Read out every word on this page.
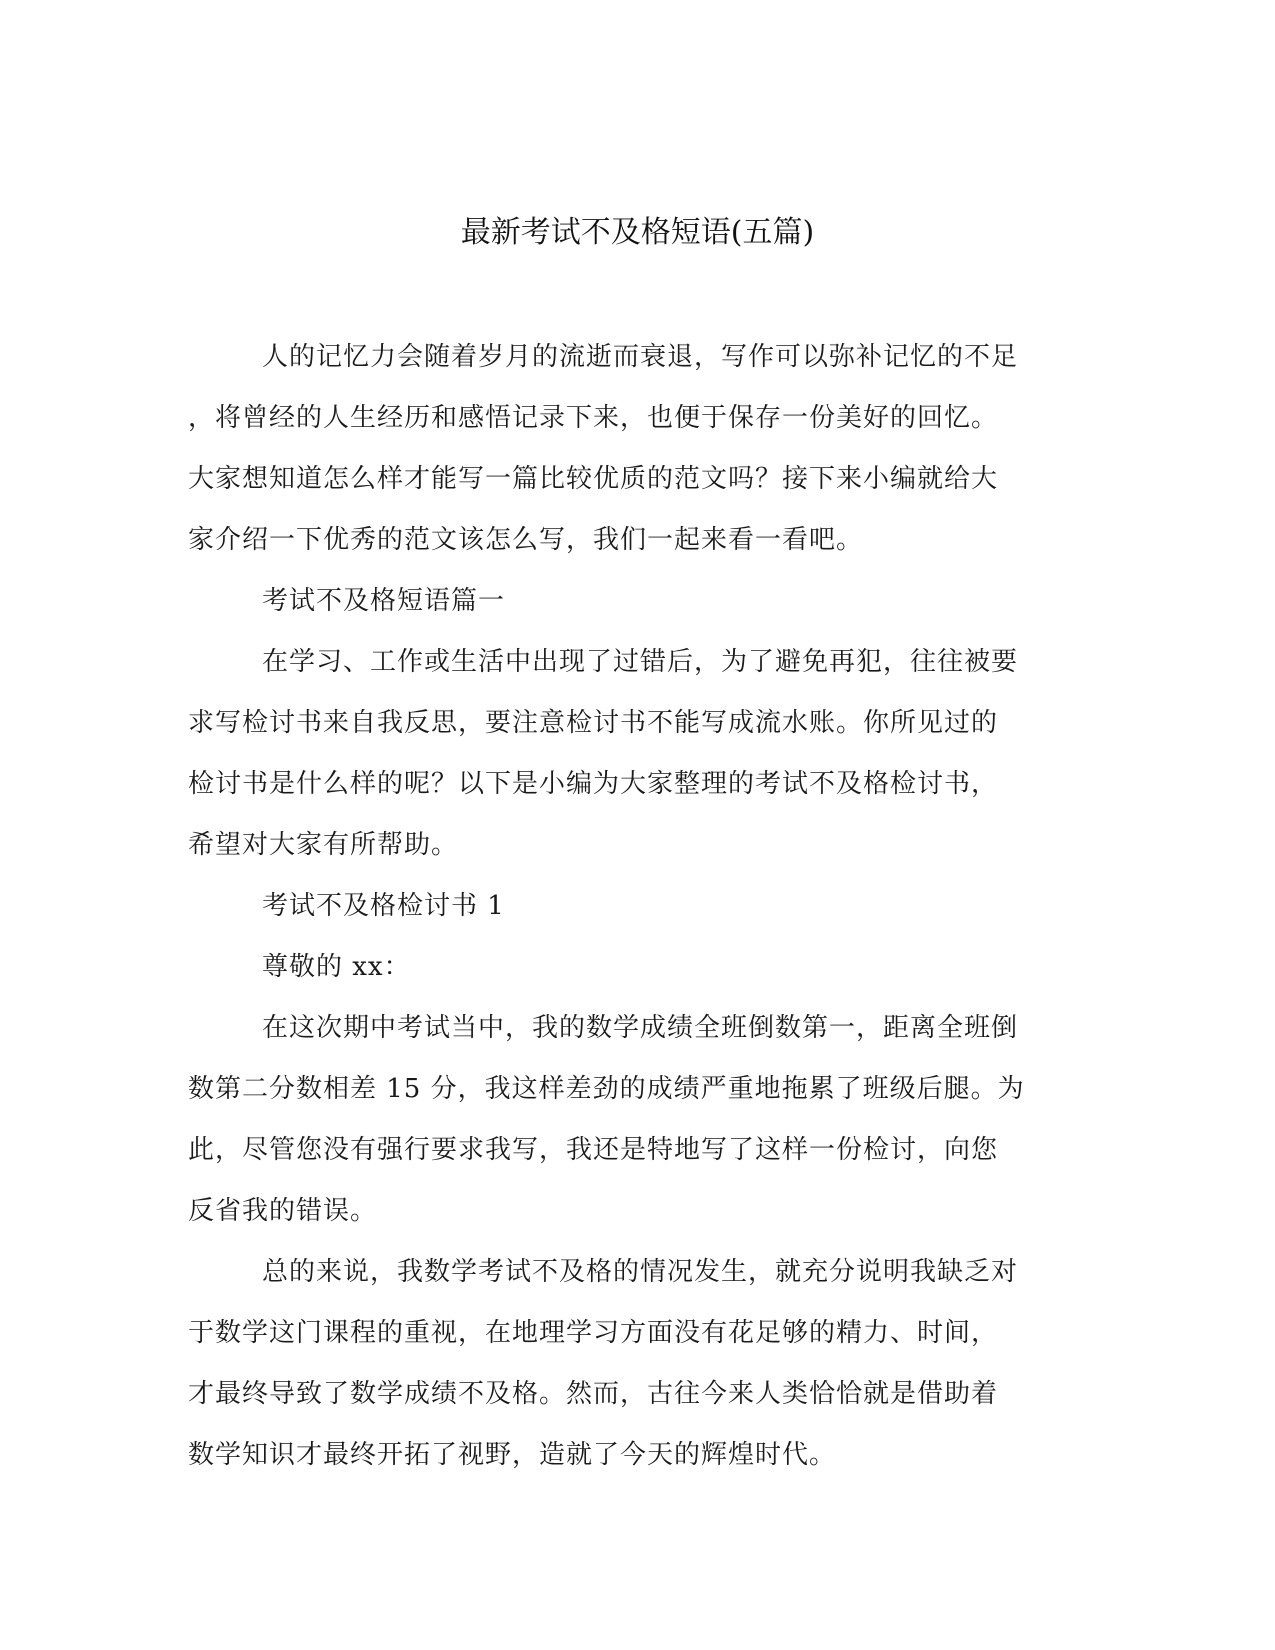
最新考试不及格短语(五篇)
人的记忆力会随着岁月的流逝而衰退，写作可以弥补记忆的不足
，将曾经的人生经历和感悟记录下来，也便于保存一份美好的回忆。
大家想知道怎么样才能写一篇比较优质的范文吗？接下来小编就给大
家介绍一下优秀的范文该怎么写，我们一起来看一看吧。
考试不及格短语篇一
在学习、工作或生活中出现了过错后，为了避免再犯，往往被要
求写检讨书来自我反思，要注意检讨书不能写成流水账。你所见过的
检讨书是什么样的呢？以下是小编为大家整理的考试不及格检讨书，
希望对大家有所帮助。
考试不及格检讨书 1
尊敬的 xx：
在这次期中考试当中，我的数学成绩全班倒数第一，距离全班倒
数第二分数相差 15 分，我这样差劲的成绩严重地拖累了班级后腿。为
此，尽管您没有强行要求我写，我还是特地写了这样一份检讨，向您
反省我的错误。
总的来说，我数学考试不及格的情况发生，就充分说明我缺乏对
于数学这门课程的重视，在地理学习方面没有花足够的精力、时间，
才最终导致了数学成绩不及格。然而，古往今来人类恰恰就是借助着
数学知识才最终开拓了视野，造就了今天的辉煌时代。
